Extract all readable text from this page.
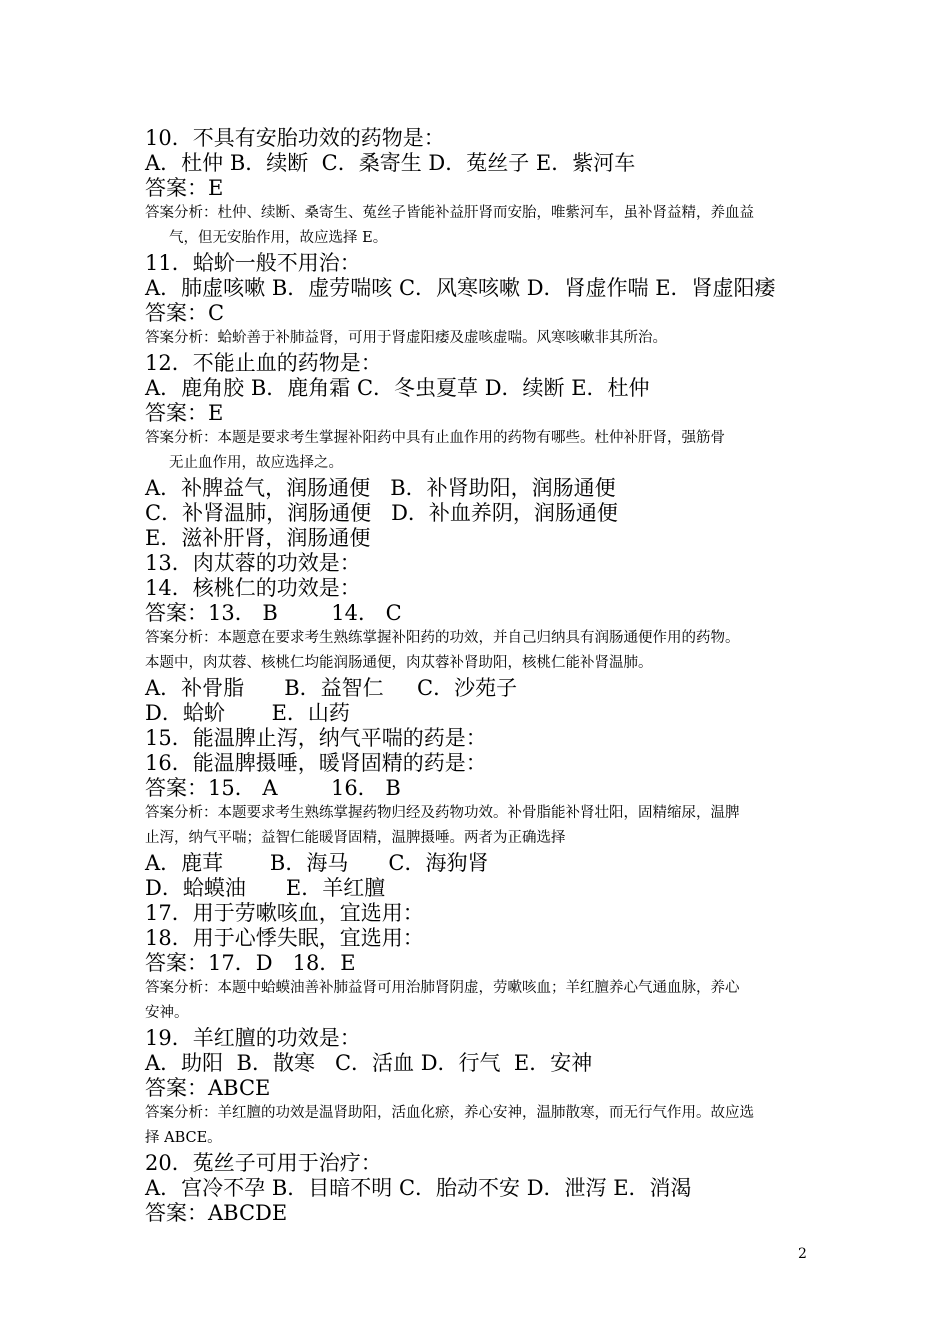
10．不具有安胎功效的药物是：
A．杜仲 B．续断  C．桑寄生 D．菟丝子 E．紫河车
答案：E
答案分析：杜仲、续断、桑寄生、菟丝子皆能补益肝肾而安胎，唯紫河车，虽补肾益精，养血益
气，但无安胎作用，故应选择 E。
11．蛤蚧一般不用治：
A．肺虚咳嗽 B．虚劳喘咳 C．风寒咳嗽 D．肾虚作喘 E．肾虚阳痿
答案：C
答案分析：蛤蚧善于补肺益肾，可用于肾虚阳痿及虚咳虚喘。风寒咳嗽非其所治。
12．不能止血的药物是：
A．鹿角胶 B．鹿角霜 C．冬虫夏草 D．续断 E．杜仲
答案：E
答案分析：本题是要求考生掌握补阳药中具有止血作用的药物有哪些。杜仲补肝肾，强筋骨
无止血作用，故应选择之。
A．补脾益气，润肠通便   B．补肾助阳，润肠通便
C．补肾温肺，润肠通便   D．补血养阴，润肠通便
E．滋补肝肾，润肠通便
13．肉苁蓉的功效是：
14．核桃仁的功效是：
答案：13． B        14． C
答案分析：本题意在要求考生熟练掌握补阳药的功效，并自己归纳具有润肠通便作用的药物。
本题中，肉苁蓉、核桃仁均能润肠通便，肉苁蓉补肾助阳，核桃仁能补肾温肺。
A．补骨脂      B．益智仁     C．沙苑子
D．蛤蚧       E．山药
15．能温脾止泻，纳气平喘的药是：
16．能温脾摄唾，暖肾固精的药是：
答案：15． A        16． B
答案分析：本题要求考生熟练掌握药物归经及药物功效。补骨脂能补肾壮阳，固精缩尿，温脾
止泻，纳气平喘；益智仁能暖肾固精，温脾摄唾。两者为正确选择
A．鹿茸       B．海马      C．海狗肾
D．蛤蟆油      E．羊红膻
17．用于劳嗽咳血，宜选用：
18．用于心悸失眠，宜选用：
答案：17．D   18．E
答案分析：本题中蛤蟆油善补肺益肾可用治肺肾阴虚，劳嗽咳血；羊红膻养心气通血脉，养心
安神。
19．羊红膻的功效是：
A．助阳  B．散寒   C．活血 D．行气  E．安神
答案：ABCE
答案分析：羊红膻的功效是温肾助阳，活血化瘀，养心安神，温肺散寒，而无行气作用。故应选
择 ABCE。
20．菟丝子可用于治疗：
A．宫冷不孕 B．目暗不明 C．胎动不安 D．泄泻 E．消渴
答案：ABCDE
2
